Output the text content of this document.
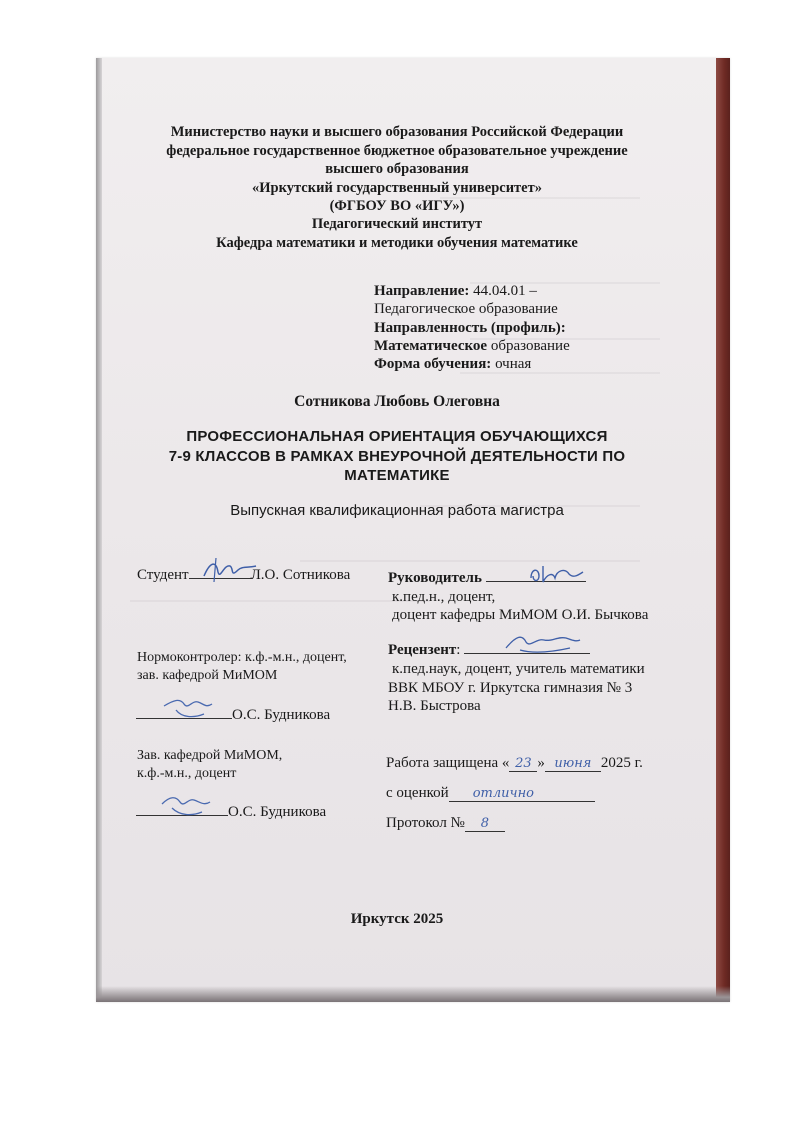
Министерство науки и высшего образования Российской Федерации
федеральное государственное бюджетное образовательное учреждение
высшего образования
«Иркутский государственный университет»
(ФГБОУ ВО «ИГУ»)
Педагогический институт
Кафедра математики и методики обучения математике
Направление: 44.04.01 –
Педагогическое образование
Направленность (профиль):
Математическое образование
Форма обучения: очная
Сотникова Любовь Олеговна
ПРОФЕССИОНАЛЬНАЯ ОРИЕНТАЦИЯ ОБУЧАЮЩИХСЯ
7-9 КЛАССОВ В РАМКАХ ВНЕУРОЧНОЙ ДЕЯТЕЛЬНОСТИ ПО
МАТЕМАТИКЕ
Выпускная квалификационная работа магистра
Студент	Л.О. Сотникова	Руководитель
к.пед.н., доцент,
доцент кафедры МиМОМ О.И. Бычкова
Нормоконтролер: к.ф.-м.н., доцент,
зав. кафедрой МиМОМ
О.С. Будникова
Рецензент:
к.пед.наук, доцент, учитель математики
ВВК МБОУ г. Иркутска гимназия № 3
Н.В. Быстрова
Зав. кафедрой МиМОМ,
к.ф.-м.н., доцент
О.С. Будникова
Работа защищена « 23 » июня 2025 г.
с оценкой отлично
Протокол № 8
Иркутск 2025
